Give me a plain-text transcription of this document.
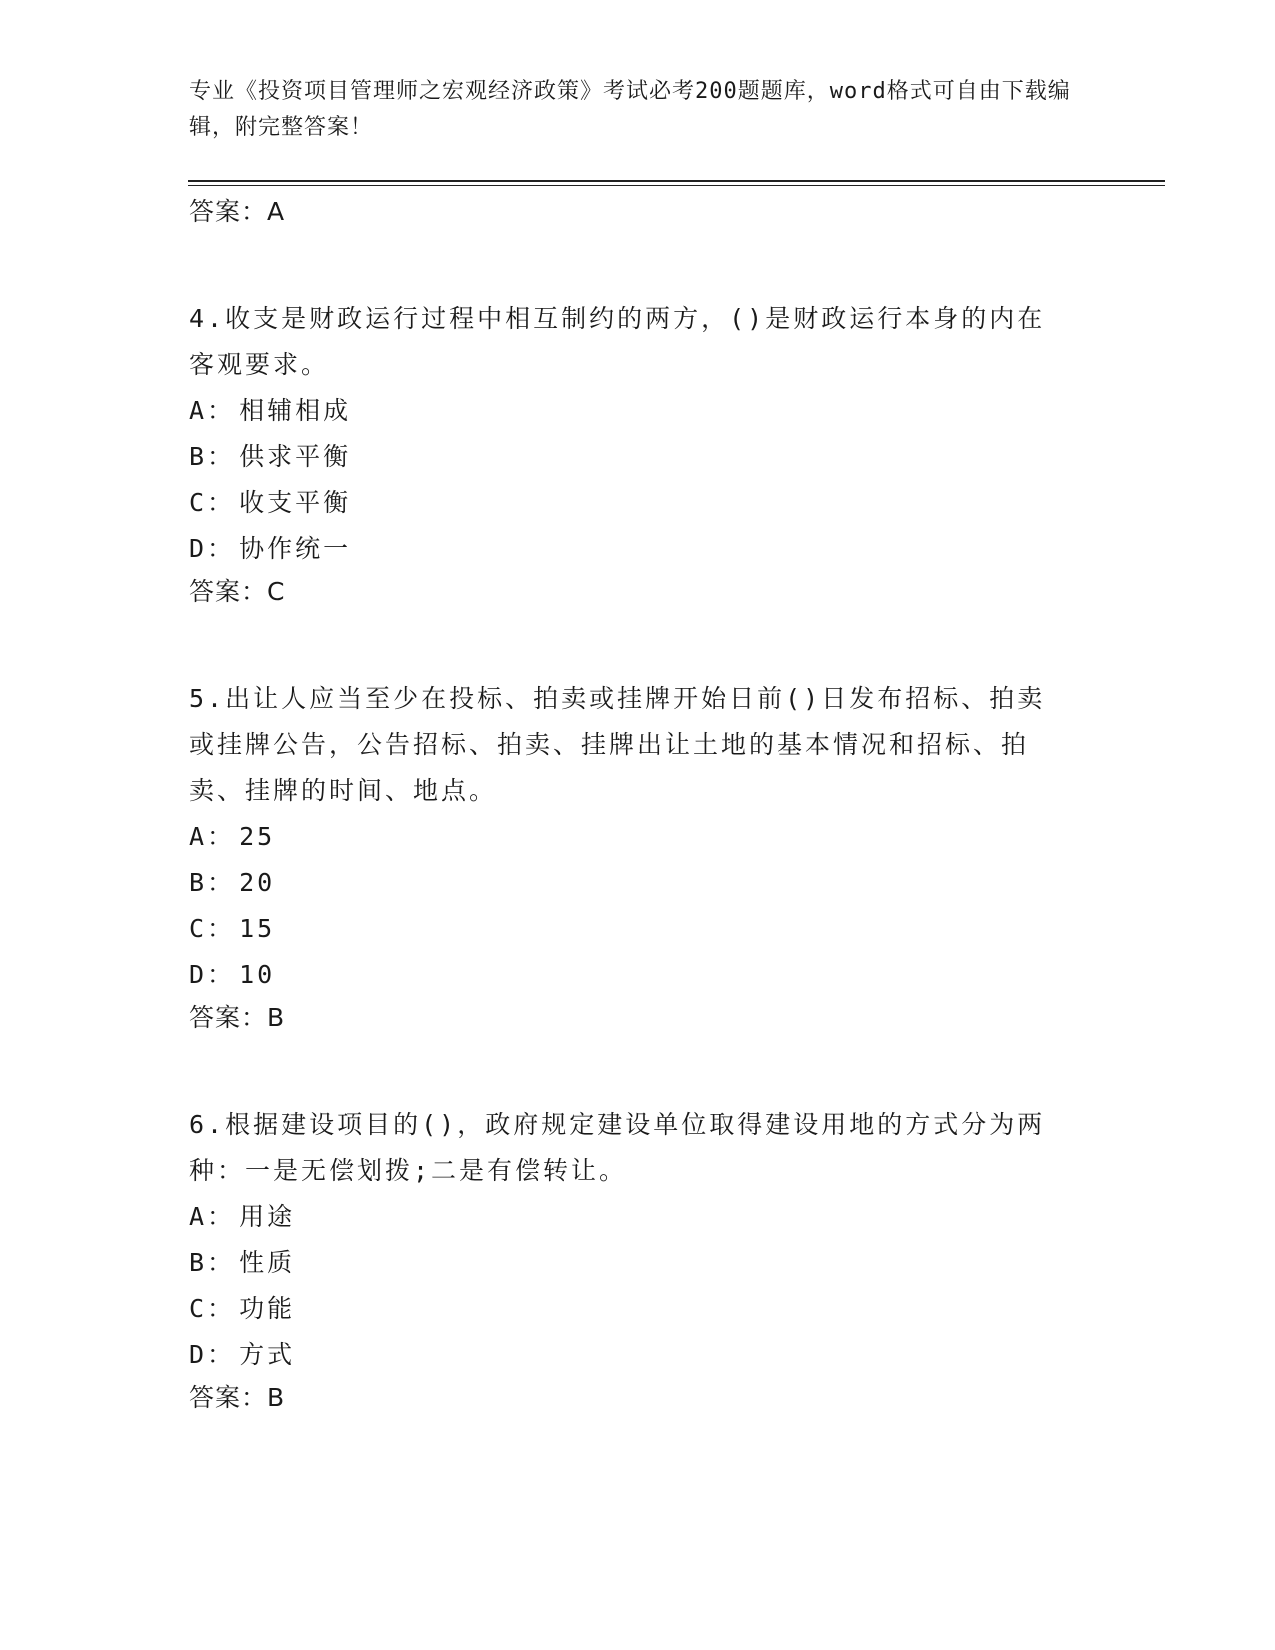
专业《投资项目管理师之宏观经济政策》考试必考200题题库，word格式可自由下载编辑，附完整答案！

答案：A

4.收支是财政运行过程中相互制约的两方，()是财政运行本身的内在客观要求。

A： 相辅相成
B： 供求平衡
C： 收支平衡
D： 协作统一
答案：C

5.出让人应当至少在投标、拍卖或挂牌开始日前()日发布招标、拍卖或挂牌公告，公告招标、拍卖、挂牌出让土地的基本情况和招标、拍卖、挂牌的时间、地点。

A： 25
B： 20
C： 15
D： 10
答案：B

6.根据建设项目的()，政府规定建设单位取得建设用地的方式分为两种：一是无偿划拨;二是有偿转让。

A： 用途
B： 性质
C： 功能
D： 方式
答案：B
